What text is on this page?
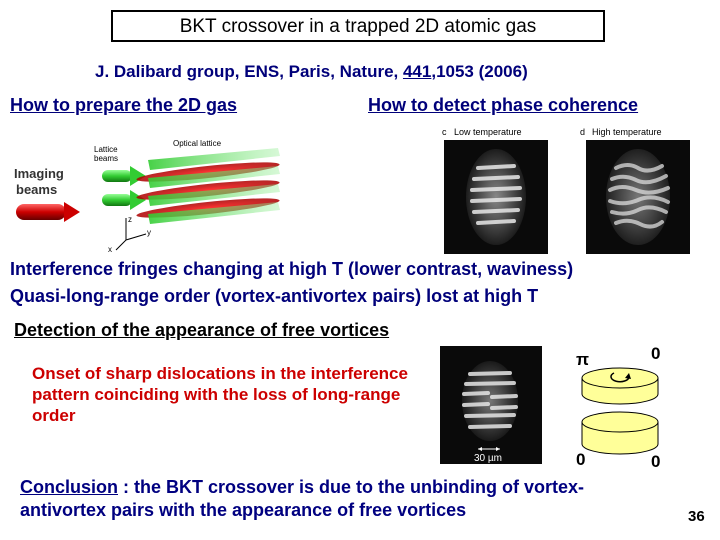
BKT crossover in a trapped 2D atomic gas
J. Dalibard group, ENS, Paris, Nature, 441,1053 (2006)
How to prepare the 2D gas	How to detect phase coherence
Imaging
beams
Lattice
beams
Optical lattice
z
y
x
c Low temperature	d High temperature
Interference fringes changing at high T (lower contrast, waviness)
Quasi-long-range order (vortex-antivortex pairs) lost at high T
Detection of the appearance of free vortices
Onset of sharp dislocations in the interference pattern coinciding with the loss of long-range order
30 µm
π	0
0	0
Conclusion : the BKT crossover is due to the unbinding of vortex-antivortex pairs with the appearance of free vortices	36
